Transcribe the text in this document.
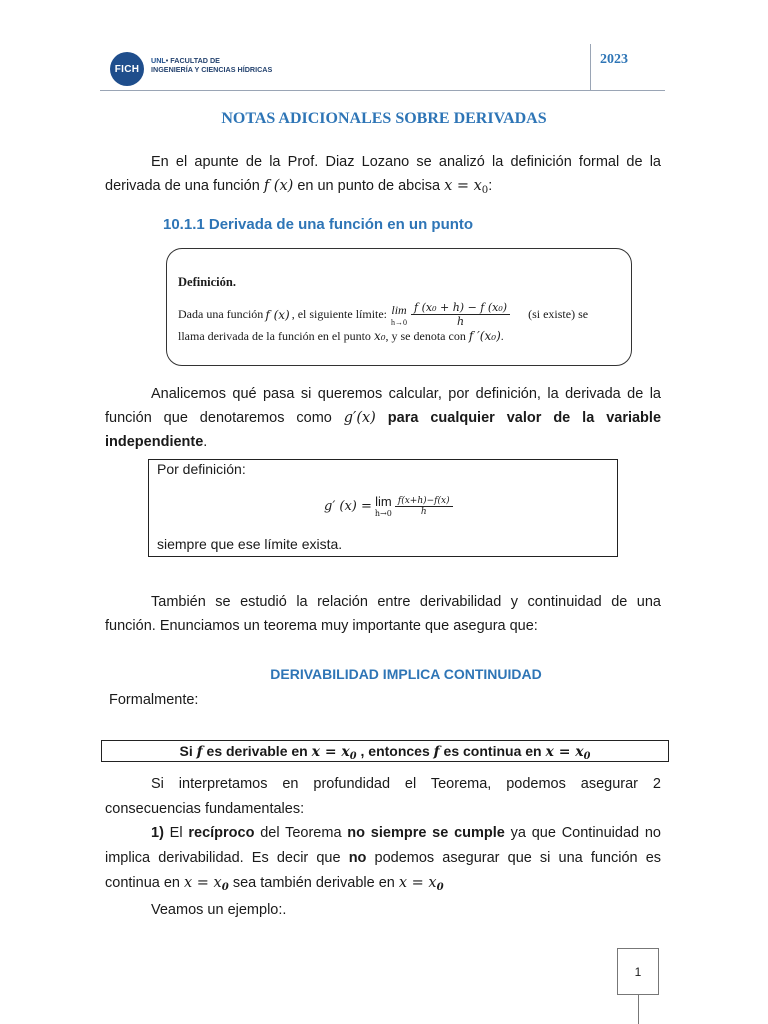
FICH
UNL• FACULTAD DE
INGENIERÍA Y CIENCIAS HÍDRICAS
2023
NOTAS ADICIONALES SOBRE DERIVADAS
En el apunte de la Prof. Diaz Lozano se analizó la definición formal de la derivada de una función f (x) en un punto de abcisa $x = x_0$:
10.1.1 Derivada de una función en un punto
Definición.
Dada una función f (x) , el siguiente límite: lim
$h\to 0 \frac{\text{f (x₀ + h) − f (x₀)}}{h} (si$ existe) se
llama derivada de la función en el punto x₀, y se denota con f ′(x₀).
Analicemos qué pasa si queremos calcular, por definición, la derivada de la función que denotaremos como g′(x) para cualquier valor de la variable independiente.
Por definición:
g′ (x) = lim
$h\to 0 \frac{f(x+h)-f(x)}{h}$
siempre que ese límite exista.
También se estudió la relación entre derivabilidad y continuidad de una función. Enunciamos un teorema muy importante que asegura que:
DERIVABILIDAD IMPLICA CONTINUIDAD
Formalmente:
Si f es derivable en $x = x_0$ , entonces f es continua en $x = x_0$
Si interpretamos en profundidad el Teorema, podemos asegurar 2 consecuencias fundamentales:
1) El recíproco del Teorema no siempre se cumple ya que Continuidad no implica derivabilidad. Es decir que no podemos asegurar que si una función es continua en $x = x_0$ sea también derivable en $x = x_0$
Veamos un ejemplo:.
1
